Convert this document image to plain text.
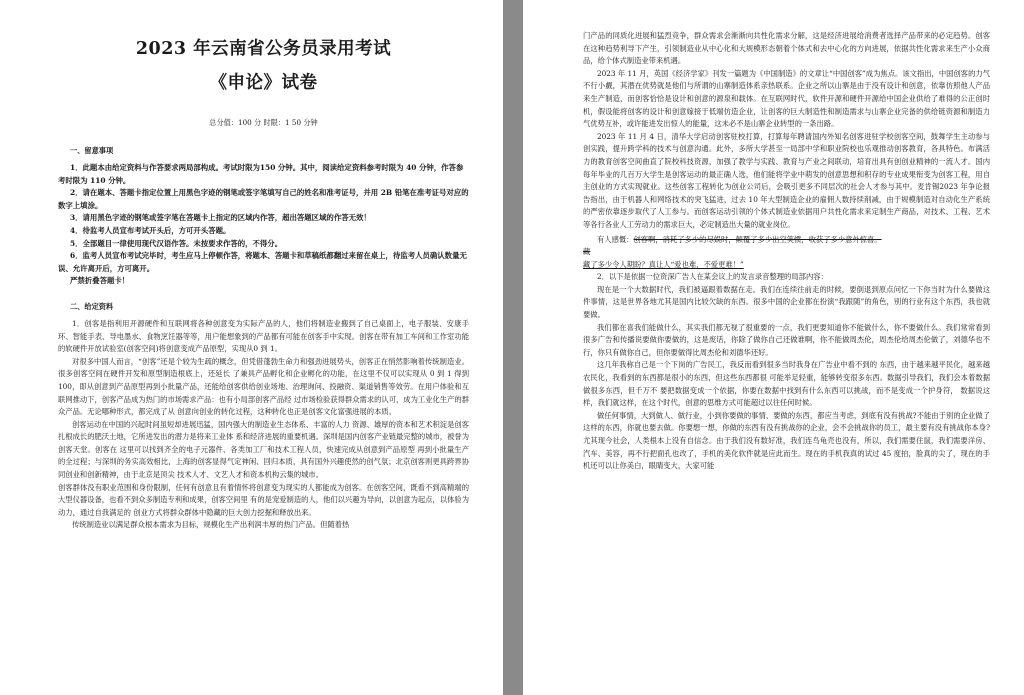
2023 年云南省公务员录用考试
《申论》试卷
总分值：100 分 时限：1 50 分钟
一、留意事项

1．此题本由给定资料与作答要求两局部构成。考试时限为150 分钟。其中，阅读给定资料参考时限为 40 分钟，作答参考时限为 110 分钟。

2．请在题本、答题卡指定位置上用黑色字迹的钢笔或签字笔填写自己的姓名和准考证号，并用 2B 铅笔在准考证号对应的数字上填涂。

3．请用黑色字迹的钢笔或签字笔在答题卡上指定的区域内作答，超出答题区域的作答无效！

4．待监考人员宣布考试开头后，方可开头答题。

5．全部题目一律使用现代汉语作答。未按要求作答的，不得分。

6．监考人员宣布考试完毕时，考生应马上停顿作答，将题本、答题卡和草稿纸都翻过来留在桌上，待监考人员确认数量无误、允许离开后，方可离开。

严禁折叠答题卡！

二、给定资料

1．创客是指利用开源硬件和互联网将各种创意变为实际产品的人，他们将制造业搬到了自己桌面上，电子服装、安康手环、智能手表、导电墨水、食物烹饪器等等，用户能想象到的产品都有可能在创客手中实现。创客在带有加工车间和工作室功能的软硬件开放试验室(创客空间)将创意变成产品原型，实现从0 到 1。

对很多中国人而言，“创客”还是个较为生疏的概念，但凭借蓬勃生命力和强劲进展势头，创客正在悄然影响着传统制造业。很多创客空间在硬件开发和原型制造根底上，还延长 了兼具产品孵化和企业孵化的功能，在这里不仅可以实现从 0 到 1 得到 100，即从创意到产品原型再到小批量产品，还能给创客供给创业场地、治理询问、投融资、渠道销售等效劳。在用户体验和互联网推动下，创客产品成为热门的市场需求产品：也有小局部创客产品经 过市场检验获得群众需求的认可，成为工业化生产的群众产品。无论哪种形式，都完成了从 创意向创业的转化过程，这种转化也正是创客文化富强进展的本质。

创客运动在中国的兴起时间虽短却进展迅猛，国内强大的制造业生态体系、丰富的人力 资源、雄厚的资本和艺术积淀是创客扎根成长的肥沃土地，它所进发出的潜力是将来工业体 系和经济进展的重要机遇。深圳是国内创客产业链最完整的城市，被誉为创客天堂。创客在 这里可以找到齐全的电子元器件、各类加工厂和技术工程人员，快速完成从创意到产品原型 再到小批量生产的全过程；与深圳的务实高效相比，上海的创客显得气定神闲、回归本质，具有国外兴趣使然的创气氛；北京创客则更具跨界协同创业和创新精神，由于北京是顶尖 技术人才、文艺人才和资本机构云集的城市。

创客群体没有职业范围和身份限制，任何有创意且有着情怀将创意变为现实的人都能成为创客。在创客空间，既看不到高精端的大型仪器设备，也看不到众多制造专利和成果，创客空间里 有的是宠爱制造的人，他们以兴趣为导向，以创意为起点，以体验为动力，通过自我满足的 创业方式将群众群体中隐藏的巨大创力挖掘和释放出来。

传统制造业以满足群众根本需求为目标，规模化生产出利润丰厚的热门产品。但随着热

门产品的同质化进展和猛烈竞争，群众需求会渐渐向共性化需求分解，这是经济进展给消费者选择产品带来的必定趋势。创客在这种趋势利导下产生，引领制造业从中心化和大规模形态朝着个体式和去中心化的方向进展，依据共性化需求来生产小众商品，给个体式制造业带来机遇。

2023 年 11 月，英国《经济学家》刊发一篇题为《中国制造》的文章让“中国创客”成为焦点。该文指出，中国创客的力气不行小觑，其潜在优势就是他们与所谓的山寨制造体系亲热联系。企业之所以山寨是由于没有设计和创意，依靠仿照他人产品来生产制造，而创客恰恰是设计和创意的源泉和载体。在互联网时代，软件开源和硬件开源给中国企业供给了难得的公正创时机，假设能将创客的设计和创意嫁接于低端仿造企业，让创客的巨大制造性和制造需求与山寨企业完备的供给链资源和制造力气优势互补，或许能进发出惊人的能量，这未必不是山寨企业转型的一条出路。

2023 年 11 月 4 日，清华大学启动创客驻校打算，打算每年聘请国内外知名创客进驻学校创客空间，鼓舞学生主动参与创实践，提升跨学科的技术与创意沟通。此外，多所大学甚至一局部中学和职业院校也乐观推动创客教育，各具特色。布满活力的教育创客空间曲直了院校科技资源，加强了教学与实践、教育与产业之间联动，培育出具有创创业精神的一流人才。国内每年毕业的几百万大学生是创客运动的最正确人选，他们能将学业中萌发的创意思想和积存的专业成果衔变为创客工程，用自主创业的方式实现就业。这些创客工程转化为创业公司后，会吸引更多不同层次的社会人才参与其中。麦肯锡2023 年争论报告指出，由于机器人和网络技术的突飞猛进，过去 10 年大型制造企业的雇佣人数持续削减，由于规模制造对自动化生产系统的严密依靠逐步取代了人工参与。而创客运动引领的个体式制造业依据用户共性化需求来定制生产商品，对技术、工程、艺术等各行各业人工劳动力的需求巨大，必定制造出大量的就业岗位。

有人感慨：创客啊，消耗了多少的尽娱时，颠覆了多少出空笑惯，收获了多少意外惊喜。

藏

藏了多少令人期盼？真让人“爱也难，不爱更难！”

2．以下是依据一位资深广告人在某会议上的发言录音整理的局部内容：

现在是一个大数据时代，我们被逼跟着数据在走。我们在连续往前走的时候，要倒退到原点问忆一下你当时为什么要做这件事情，这是世界各地尤其是国内比较欠缺的东西。很多中国的企业都在扮演“我跟随”的角色，别的行业有这个东西，我也就要做。

我们都在喜我们能做什么，其实我们都无视了很重要的一点，我们更要知道你不能做什么，你不要做什么。我们常常看到很多广告和传播说要做你要做的，这是废话，你除了做你自己还做谁啊，你不能做周杰伦，周杰伦给周杰伦做了，刘德华也不行，你只有做你自己，但你要做得比周杰伦和刘德华还好。

这几年我称自己是一个下岗的广告民工，我反而看到很多当时我身在广告业中看不到的 东西，由于越来越平民化，越来越农民化，我看到的东西都是很小的东西，但这些东西都很 可能举足轻重，能够转变很多东西。数据引导我们，我们会本着数据做很多东西，但千万不 要把数据变成一个依据，你要在数据中找到有什么东西可以挑战，而不是变成一个护身符， 数据说这样，我们就这样，在这个时代，创意的思维方式可能超过以往任何时候。

做任何事情，大到做人、做行业，小到你要做的事情、要做的东西，都应当考虑，到底有没有挑战?不能由于别的企业做了这样的东西，你就也要去做。你要想一想，你做的东西有没有挑战你的企业，会不会挑战你的员工，最主要有没有挑战你本身?尤其现今社会，人类根本上没有自信念。由于我们没有数好准，我们连鸟龟壳也没有，所以，我们需要住鼠，我们需要洋房、汽车、美容，再不行把面孔也改了，手机的美化软件就是应此而生。现在的手机我真的试过 45 度拍，脸真的尖了，现在的手机还可以让你美白，眼睛变大，大家可能
